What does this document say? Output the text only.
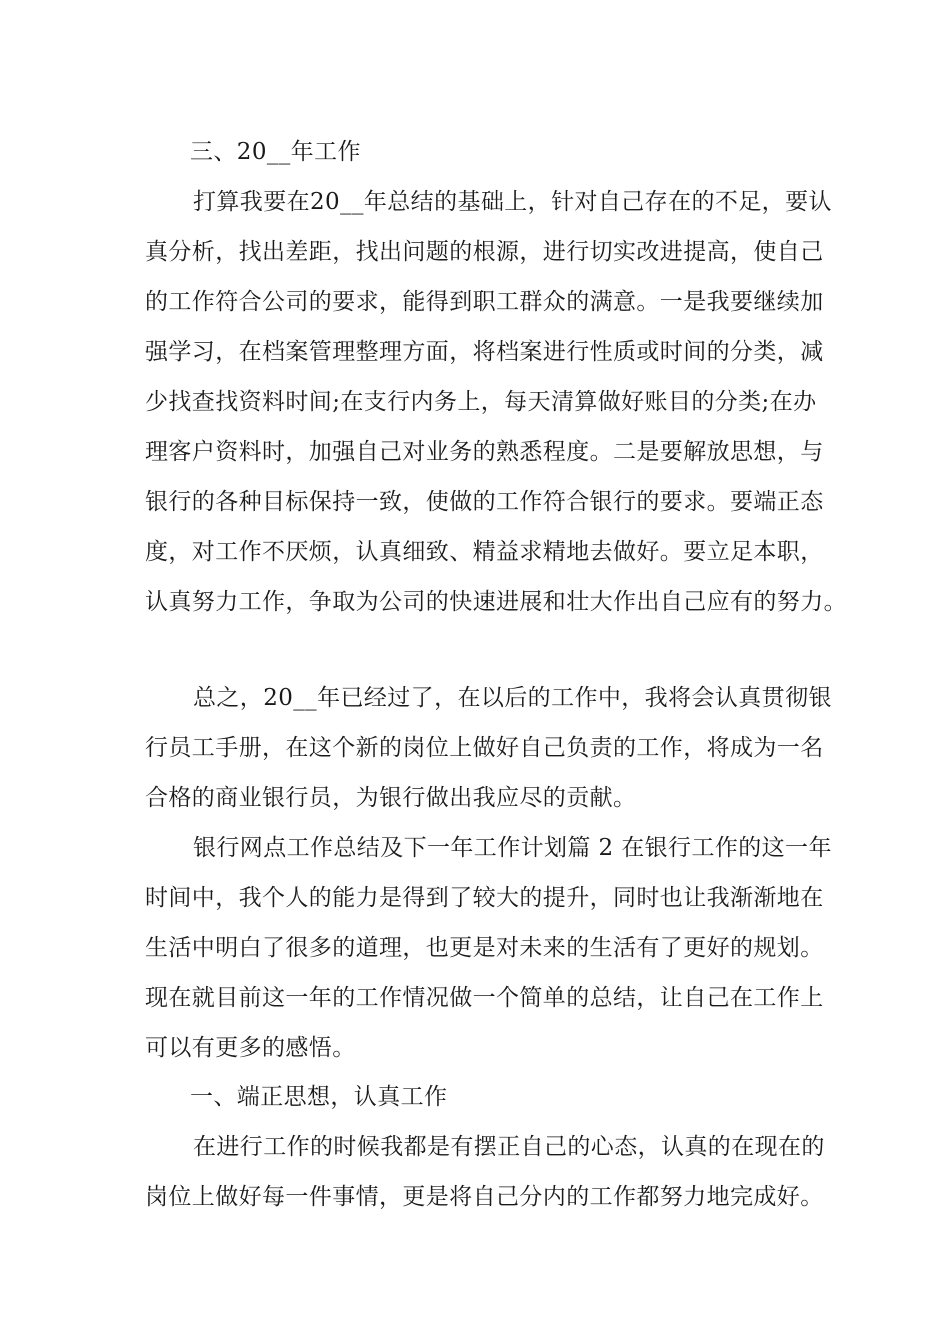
三、20__年工作
打算我要在20__年总结的基础上，针对自己存在的不足，要认
真分析，找出差距，找出问题的根源，进行切实改进提高，使自己
的工作符合公司的要求，能得到职工群众的满意。一是我要继续加
强学习，在档案管理整理方面，将档案进行性质或时间的分类，减
少找查找资料时间;在支行内务上，每天清算做好账目的分类;在办
理客户资料时，加强自己对业务的熟悉程度。二是要解放思想，与
银行的各种目标保持一致，使做的工作符合银行的要求。要端正态
度，对工作不厌烦，认真细致、精益求精地去做好。要立足本职，
认真努力工作，争取为公司的快速进展和壮大作出自己应有的努力。
总之，20__年已经过了，在以后的工作中，我将会认真贯彻银
行员工手册，在这个新的岗位上做好自己负责的工作，将成为一名
合格的商业银行员，为银行做出我应尽的贡献。
银行网点工作总结及下一年工作计划篇 2 在银行工作的这一年
时间中，我个人的能力是得到了较大的提升，同时也让我渐渐地在
生活中明白了很多的道理，也更是对未来的生活有了更好的规划。
现在就目前这一年的工作情况做一个简单的总结，让自己在工作上
可以有更多的感悟。
一、端正思想，认真工作
在进行工作的时候我都是有摆正自己的心态，认真的在现在的
岗位上做好每一件事情，更是将自己分内的工作都努力地完成好。
